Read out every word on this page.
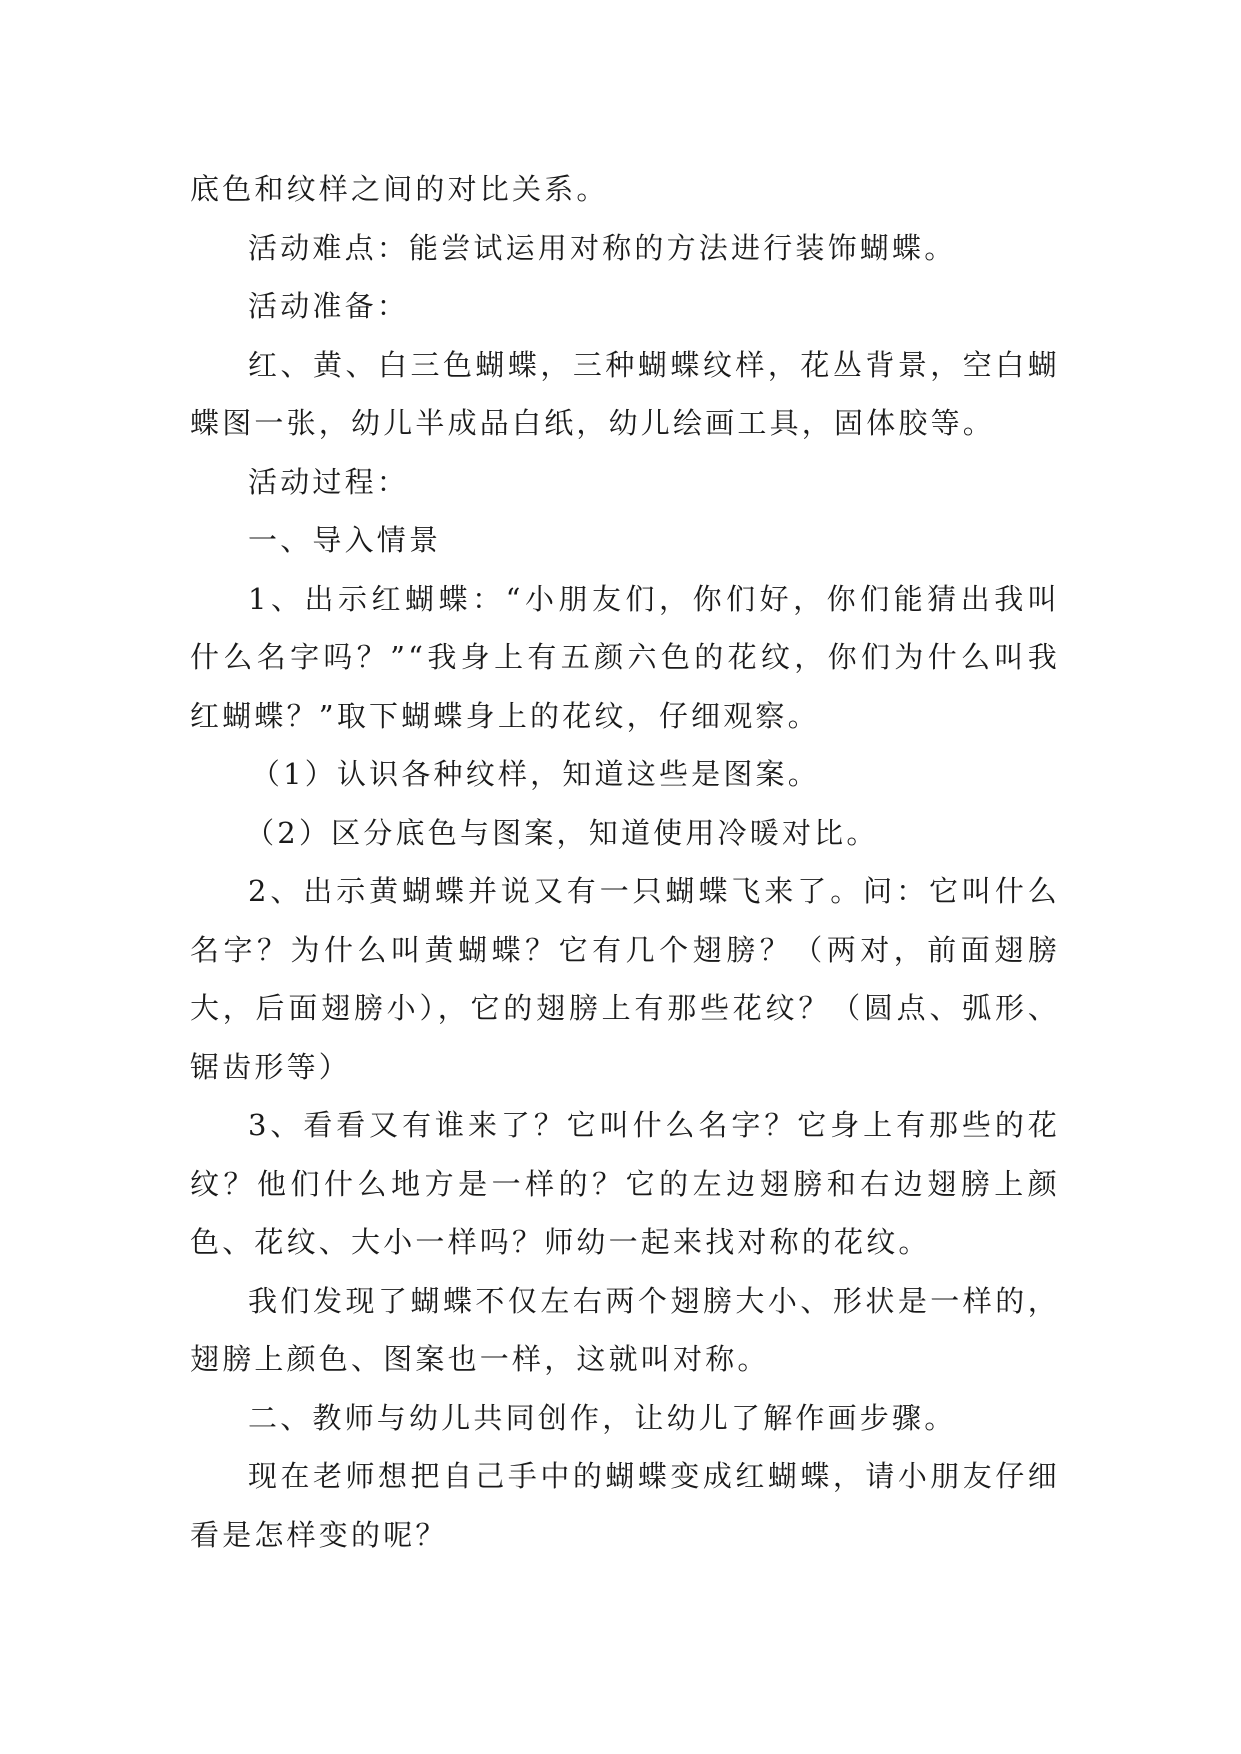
底色和纹样之间的对比关系。

活动难点：能尝试运用对称的方法进行装饰蝴蝶。

活动准备：

红、黄、白三色蝴蝶，三种蝴蝶纹样，花丛背景，空白蝴蝶图一张，幼儿半成品白纸，幼儿绘画工具，固体胶等。

活动过程：

一、导入情景

1、出示红蝴蝶：“小朋友们，你们好，你们能猜出我叫什么名字吗？”“我身上有五颜六色的花纹，你们为什么叫我红蝴蝶？”取下蝴蝶身上的花纹，仔细观察。

（1）认识各种纹样，知道这些是图案。

（2）区分底色与图案，知道使用冷暖对比。

2、出示黄蝴蝶并说又有一只蝴蝶飞来了。问：它叫什么名字？为什么叫黄蝴蝶？它有几个翅膀？（两对，前面翅膀大，后面翅膀小），它的翅膀上有那些花纹？（圆点、弧形、锯齿形等）

3、看看又有谁来了？它叫什么名字？它身上有那些的花纹？他们什么地方是一样的？它的左边翅膀和右边翅膀上颜色、花纹、大小一样吗？师幼一起来找对称的花纹。

我们发现了蝴蝶不仅左右两个翅膀大小、形状是一样的，翅膀上颜色、图案也一样，这就叫对称。

二、教师与幼儿共同创作，让幼儿了解作画步骤。

现在老师想把自己手中的蝴蝶变成红蝴蝶，请小朋友仔细看是怎样变的呢？
